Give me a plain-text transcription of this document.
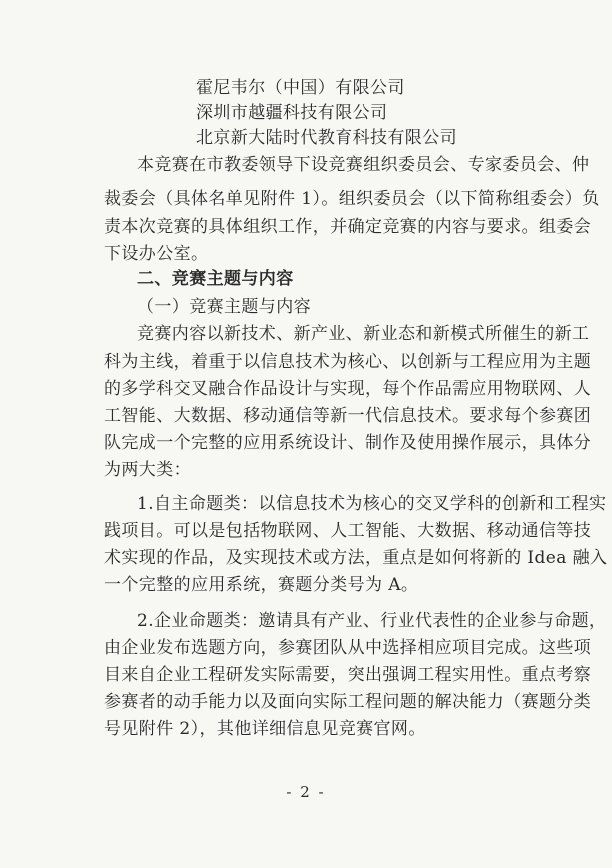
霍尼韦尔（中国）有限公司
深圳市越疆科技有限公司
北京新大陆时代教育科技有限公司
本竞赛在市教委领导下设竞赛组织委员会、专家委员会、仲
裁委会（具体名单见附件 1）。组织委员会（以下简称组委会）负
责本次竞赛的具体组织工作，并确定竞赛的内容与要求。组委会
下设办公室。
二、竞赛主题与内容
（一）竞赛主题与内容
竞赛内容以新技术、新产业、新业态和新模式所催生的新工
科为主线，着重于以信息技术为核心、以创新与工程应用为主题
的多学科交叉融合作品设计与实现，每个作品需应用物联网、人
工智能、大数据、移动通信等新一代信息技术。要求每个参赛团
队完成一个完整的应用系统设计、制作及使用操作展示，具体分
为两大类：
1.自主命题类：以信息技术为核心的交叉学科的创新和工程实
践项目。可以是包括物联网、人工智能、大数据、移动通信等技
术实现的作品，及实现技术或方法，重点是如何将新的 Idea 融入
一个完整的应用系统，赛题分类号为 A。
2.企业命题类：邀请具有产业、行业代表性的企业参与命题，
由企业发布选题方向，参赛团队从中选择相应项目完成。这些项
目来自企业工程研发实际需要，突出强调工程实用性。重点考察
参赛者的动手能力以及面向实际工程问题的解决能力（赛题分类
号见附件 2），其他详细信息见竞赛官网。
- 2 -
